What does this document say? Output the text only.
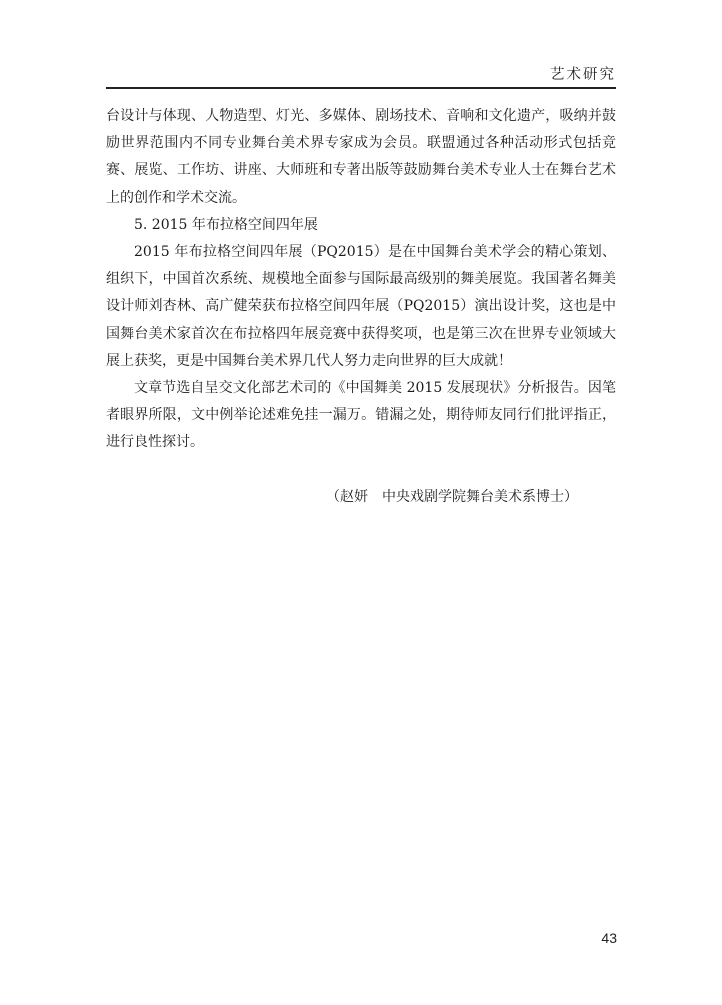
艺术研究

台设计与体现、人物造型、灯光、多媒体、剧场技术、音响和文化遗产，吸纳并鼓励世界范围内不同专业舞台美术界专家成为会员。联盟通过各种活动形式包括竞赛、展览、工作坊、讲座、大师班和专著出版等鼓励舞台美术专业人士在舞台艺术上的创作和学术交流。

5. 2015 年布拉格空间四年展

2015 年布拉格空间四年展（PQ2015）是在中国舞台美术学会的精心策划、组织下，中国首次系统、规模地全面参与国际最高级别的舞美展览。我国著名舞美设计师刘杏林、高广健荣获布拉格空间四年展（PQ2015）演出设计奖，这也是中国舞台美术家首次在布拉格四年展竞赛中获得奖项，也是第三次在世界专业领域大展上获奖，更是中国舞台美术界几代人努力走向世界的巨大成就！

文章节选自呈交文化部艺术司的《中国舞美 2015 发展现状》分析报告。因笔者眼界所限，文中例举论述难免挂一漏万。错漏之处，期待师友同行们批评指正，进行良性探讨。

（赵妍　中央戏剧学院舞台美术系博士）

43
